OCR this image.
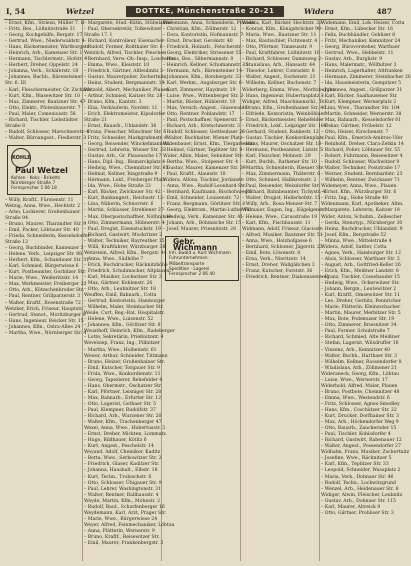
I, 54	Wetzel	DOTTKE, Münchenstraße 20-21	Widera	487
– Ernst, Kfm., Striesn, Müller 7. II
– Fritz, Bes., Lößnitzstraße 31
– Georg, Kochgehilfe, Bergstr. 17
– Gertrud, Wwe., Niederwaldstr. 4
– Hans, Bäckermeister, Wartburgstr.
– Heinrich, Arb., Kamenzer Str. 1
– Hermann, Tischlermstr., Hofstr. 9
– Herbert, Dreher, Oppelstr. 24
– Johanna, Verk., Schäferstr. 18
– Johannes, Buchh., Bärensteiner
Str. 6. III
– Karl, Fleischermeister, Gr. Zschach
– Kurt, Kfm., Blasewitzer Str. 10
– Max, Zimmerer, Bautzner Str. 47
– Otto, Elektr., Pfotenhauerstr. 7
– Paul, Maler, Comeniusstr. 58
– Richard, Tischler, Liebstädter
Straße 8
– Rudolf, Schlosser, Marschnerstr. 4
– Walter, Büroangest., Fiedlerstr. 3
KOHLEPaul Wetzel
Kohlen · Koks · Briketts
Nürnberger Straße 7
Fernsprecher 1 06 18
– Willy, Kraftf., Fürstenstr. 11
Wetzig, Anna, Wwe., Hechtstr. 2
– Arno, Lackierer, Großenhainer
Straße 94
– Bruno, Maurer, Tharandter Str. 9
– Emil, Packer, Löbtauer Str. 40
– Frieda, Schneiderin, Kesselsdorfer
Straße 12
– Georg, Buchbinder, Kamenzer 5
– Helene, Verk., Leipziger Str. 88
– Herbert, Kfm., Schandauer Str. 31
– Karl, Schmied, Bürgerwiese 6
– Kurt, Postbeamter, Gorbitzer Str.
– Marie, Wwe., Weißeritzstr. 14
– Max, Werkmeister, Freiberger 22
– Otto, Arb., Kötzschenbroder Str.
– Paul, Rentner, Grillparzerstr. 3
– Walter, Kraftf., Rosenstraße 72
Wetzker, Erich, Friseur, Hauptstr.
– Gertrud, Stenot., Moritzburger 9
– Hans, Ingenieur, Reicker Str. 15
– Johannes, Kfm., Ostra-Allee 24
– Martha, Wwe., Nürnberger Str. 4
– Margarete, Stud.-Rätin, Stübelallee
– Paul, Obersekretär, Tolkewitzer
Straße 17. I
– Richard, Kontrolleur, Eisenacher
– Rudolf, Former, Roßthaler Str. 6
Wetzlich, Alfred, Tischler, Pieschen
– Bernhard, Verw.-Ob.-Insp., Loschwitz
– Emma, Wwe., Kleiststr. 10
– Friedrich, Gärtner, Altleubnitz 3
– Gustav, Maurerpolier, Zschertnitz
– Heinz, Student, Bergmannstr. 19
Wetzold, Albert, Mechaniker, Plauen
– Arthur, Schmied, Kaitzer Str. 28
– Bruno, Kfm., Kantstr. 3
– Elsa, Verkäuferin, Nordstr. 11
– Erich, Elektromeister, Kipsdorfer
Straße 21
– Ernst, Bauarb., Uhlandstr. 36
– Franz, Fleischer, Münchner Str. 5
– Fritz, Schneider, Markgrafenstr. 8
– Georg, Reisender, Winckelmannstr.
– Gertrud, Lehrerin, Wiener Str. 23
– Gustav, Arb., Gr. Plauensche 17
– Hans, Dipl.-Ing., Bismarckplatz 4
– Hedwig, Wwe., Chemnitzer Str. 65
– Helmut, Kellner, Ringstraße 9
– Hermann, Lokf., Freiberger Platz
– Ida, Wwe., Hohe Straße 33
– Karl, Bäcker, Zwickauer Str. 42
– Kurt, Bankangest., Reichsstr. 12
– Lina, Näherin, Schnorrstr. 6
– Martin, Schlosser, Strehlener 27
– Max, Oberpostschaffner, Nöthnitzer
– Otto, Zimmermann, Hübnerstr. 4
– Paul, Drogist, Eisenstuckstr. 19
– Richard, Gastwirt, Mockritzer 2
– Walter, Techniker, Bayreuther 15
– Willi, Kraftfahrer, Würzburger 38
Wetzstein, Alfred, Kfm., Bergstr. 44
– Anna, Wwe., Südhöhe 7
– Erich, Buchdrucker, Räcknitzhöhe
– Friedrich, Schuhmacher, Altplauen
– Karl, Musiker, Lockwitzer Str. 3
– Max, Gärtner, Kohlenstr. 26
– Otto, Arb., Leubnitzer Str. 18
Weuffen, Emil, Bahnarb., Cotta
– Gertrud, Kontoristin, Hamburger
– Wilhelm, Maler, Steinbacher Str.
Weule, Curt, Reg.-Rat, Hospitalstr.
– Helene, Wwe., Luisenstr. 52
– Johannes, Kfm., Görlitzer Str. 8
Weusthoff, Heinrich, Kfm., Radeberger
– Lotte, Sekretärin, Prießnitzstr. 4
Wevelsiep, Franz, Ing., Pillnitzer
– Martha, Wwe., Holbeinstr. 61
Wewer, Arthur, Schneider, Tittmann
– Bruno, Heizer, Großenhainer Str.
– Emil, Kutscher, Torgauer Str. 9
– Frida, Wwe., Konkordienstr. 11
– Georg, Tapezierer, Rehefelder 4
– Hans, Obermstr., Oschatzer Str.
– Karl, Pförtner, Leisniger Str. 28
– Max, Bahnarb., Erfurter Str. 12
– Otto, Lagerist, Gothaer Str. 5
– Paul, Klempner, Rudolfstr. 37
– Richard, Arb., Wurzener Str. 20
– Walter, Kfm., Trachenberger 47
Wexel, Anna, Wwe., Hubertusstr. 3
– Ernst, Dreher, Mickten, Lommatz.
– Hugo, Bildhauer, Kötitz 6
– Kurt, Angest., Peschelstr. 14
Weyand, Adolf, Chemiker, Kaditz
– Berta, Wwe., Serkowitzer Str. 2
– Friedrich, Glaser, Kaditzer Str.
– Johanna, Haushalt., Elbstr. 18
– Kurt, Techn., Trobischstr. 6
– Otto, Schlosser, Übigauer Str. 9
– Paul, Lehrer, Washingtonstr. 31
– Walter, Rentner, Ballhausstr. 4
Weyde, Martin, Kfm., Mohnstr. 2
– Rudolf, Bauf., Scharfenberger 16
Weydemann, Karl, Arzt, Prager Str.
– Marie, Wwe., Bürgerwiese 24
Weyer, Alfred, Feinmechaniker, Löbtau
– Anna, Plätterin, Wernerstr. 9
– Bruno, Kraftf., Reisewitzer Str.
– Emil, Maurer, Frankenbergstr. 3
Widemann, Anna, Schneiderin, Pfotenh.
– Christian, Kfm., Zöllnerstr. 12
– Dora, Kontoristin, Hofmannstr. 7
– Ernst, Drucker, Gerokstr. 40
– Friedrich, Holzarb., Fetscherstr.
– Georg, Elektriker, Striesener 55
– Hans, Bes., Silbermannstr. 8
– Heinrich, Kellner, Schumannstr. 21
– Hermann, Arb., Bärensteiner 14
– Johannes, Kfm., Borsbergstr. 33
– Karl, Werkm., Augsburger Str. 6
– Kurt, Zimmerer, Haydnstr. 19
– Luise, Wwe., Wittenberger Str. 2
– Martin, Bäcker, Hüblerstr. 10
– Max, Versich.-Angest., Glasewaldt
– Otto, Rentner, Pohlandstr. 17
– Paul, Postschaffner, Spenerstr. 5
– Richard, Arb., Kretschmerstr. 3
– Rudolf, Schlosser, Gottleubaer 26
– Walter, Buchhalter, Wiener Platz
Widenbauer, Ernst, Kfm., Tiergartenstr.
– Helmut, Gärtner, Teplitzer Str. 9
Wider, Albin, Maler, Sebnitzer Str.
– Bertha, Wwe., Stolpener Str. 4
– Gustav, Maurer, Kamenzer Str. 29
– Paul, Kraftf., Alaunstr. 18
Widera, Alfons, Tischler, Jordanstr.
– Anna, Wwe., Rudolf-Leonhard-Str.
– Bernhard, Kaufmann, Bischofsweg 6
– Emil, Schneider, Louisenstr. 72
– Franz, Bergmann, Görlitzer Str. 3
– Georg, Elektrom., Martin-Luther-Pl.
– Hedwig, Verk., Kamenzer Str. 41
– Johann, Arb., Böhmische Str. 15
– Josef, Maurer, Priesnitzstr. 28
Gebr. Wichmann
Inh. Ewald u. Kurt Wichmann
Fuhrunternehmen · Möbeltransporte
Spedition · Lagerei
Fernsprecher 2 06 40
Widera, Karl, Bäcker, Hechtstr. 33
– Konrad, Kfm., Königsbrücker 90
– Maria, Wwe., Bautzner Str. 11
– Max, Bautischler, Fichtenstr. 4
– Otto, Pförtner, Timaeusstr. 9
– Paul, Kraftfahrer, Lößnitzstr. 16
– Richard, Schlosser, Dammweg 2
– Stanislaus, Arb., Hansastr. 44
– Theodor, Lehrer, Conradstr. 8
– Walter, Angest., Eschenstr. 21
– Wilhelm, Kellner, Buchenstr. 7
Widerberg, Emma, Wwe., Moritzburger
– Hans, Ingenieur, Hubertusplatz 3
Widiger, Alfred, Maschinenschl., Tr.
– Bruno, Kfm., Großenhainer Str. 40
– Elfriede, Kontoristin, Weinböhlaer
– Ernst, Bäckermeister, Rehefelder
– Friedrich, Lokf., Leipziger Str. 100
– Gerhard, Student, Rankestr. 12
– Gustav, Tischler, Konkordienplatz
– Hans, Maurer, Oschatzer Str. 18
– Hermann, Postbeamter, Liststr. 5
– Karl, Fleischer, Mohnstr. 29
– Kurt, Buchh., Rathener Str. 10
– Martha, Schneiderin, Riesaer Str.
– Max, Zimmermann, Thäterstr. 6
– Otto, Schmied, Halbkreisstr. 2
– Paul, Reisender, Weixdorfer Str.
– Richard, Bahnbeamter, Tichystr. 4
– Walter, Drogist, Hellerhofstr. 15
– Willy, Arb., Rosa-Menzer-Str. 7
Widmaier, Eugen, Ing., Kügelgenstr.
– Helene, Wwe., Carusstraße 19
– Karl, Kfm., Fischhausstr. 11
Widmann, Adolf, Friseur, Glacisstr.
– Alfred, Musiker, Bautzner Str. 51
– Anna, Wwe., Holzhofgasse 6
– Bernhard, Schlosser, Jägerstr. 23
– Emil, Bote, Löwenstr. 8
– Erna, Verk., Nieritzstr. 14
– Ernst, Dreher, Wallgäßchen 3
– Franz, Kutscher, Forststr. 36
– Friedrich, Rentner, Diakonissenweg
Widemann, Emil, Lok.-Heizer, Cotta
– Ernst, Kfm., Lübecker Str. 16
– Felix, Buchhändler, Gohliser 8
– Fritz, Mechaniker, Kemnitzer 24
– Georg, Bürovorsteher, Warthaer
– Gertrud, Wwe., Hebbelstr. 11
– Gustav, Arb., Burgkstr. 9
– Hans, Malermstr., Wölfnitzer 3
– Heinrich, Lagerhalter, Altfranken
– Hermann, Zimmerer, Steinbacher 20
– Ida, Hausmeisterin, Gompitzer 5
– Johannes, Angest., Grillparzer 31
– Karl, Bäcker, Saalhausener Str.
– Kurt, Klempner, Wernerplatz 2
– Lina, Wwe., Tharandter Str. 104
– Martin, Schneider, Wernerstr. 38
– Max, Bahnarb., Kesselsdorfer 61
– Oskar, Gärtner, Fröbelstr. 12
– Otto, Heizer, Kirschenstr. 7
– Paul, Kfm., Emerich-Ambros-Ufer
– Reinhold, Dreher, Clara-Zetkin 14
– Richard, Polier, Löbtauer Str. 55
– Robert, Fuhrmann, Reisewitzer 4
– Rudolf, Schlosser, Wachwitzer 9
– Walter, Techniker, Poststraße 17
– Werner, Student, Bernhardstr. 23
– Wilhelm, Rentner, Zwickauer 71
Widemeyer, Anna, Wwe., Plauen
– Ernst, Kfm., Würzburger Str. 6
– Fritz, Ing., Hohe Straße 40
Widenmann, Karl, Apotheker, Altm.
– Margarete, Lehrerin, Kaitzer 18
Wider, Anton, Schuhm., Zellescher
– Gerda, Stenotyp., Nürnberger 30
– Heinz, Buchdrucker, Uhlandstr. 9
– Josef, Kfm., Bergstraße 52
– Minna, Wwe., Mittelstraße 4
Widera, Adolf, Sattler, Cotta
– Agnes, Verk., Hamburger Str. 12
– Alois, Schlosser, Warthaer Str. 3
– August, Arb., Gottfried-Keller 26
– Erich, Kfm., Meißner Landstr. 8
– Franz, Tischler, Cossebauder 15
– Hedwig, Wwe., Ockerwitzer Str.
– Johann, Bergm., Leutewitzer 2
– Karl, Kraftf., Omsewitzer Str. 11
– Leo, Dreher, Gorbitz, Pennricher
– Marie, Plätterin, Kleinzschacher
– Martin, Maurer, Merbitzer Str. 5
– Max, Bote, Podemuser Str. 19
– Otto, Zimmerer, Briesnitzer 34
– Paul, Former, Schulstraße 7
– Richard, Schmied, Alte Meißner
– Stefan, Lagerist, Wilsdruffer 16
– Vinzenz, Arb., Kemnitzer 40
– Walter, Buchh., Harthaer Str. 3
– Wilhelm, Kellner, Rossendorfer 8
– Wladislaus, Arb., Zöllmener 21
Wideraneck, Georg, Kfm., Löbtau
– Luise, Wwe., Wernerstr. 17
Widerhold, Alfred, Maler, Plauen
– Bruno, Postbote, Chemnitzer 48
– Emma, Wwe., Westendstr. 6
– Fritz, Schlosser, Agnes-Smedley
– Hans, Kfm., Coschützer Str. 22
– Kurt, Drucker, Dorfhainer Str. 3
– Max, Arb., Höckendorfer Weg 9
– Otto, Bauarb., Zauckeroder 15
– Paul, Tischler, Kohlsdorfer 4
– Richard, Gastwirt, Rabenauer 12
– Walter, Angest., Possendorfer 27
Widhalm, Franz, Musiker, Zschertnitz
– Josefine, Wwe., Räcknitzer 5
– Karl, Kfm., Teplitzer Str. 33
– Leopold, Schneider, Wasaplatz 2
– Maria, Verk., Dohnaer Str. 46
– Rudolf, Techn., Lockwitzgrund
– Wenzel, Arb., Heidenauer Str. 8
Widiger, Alwin, Fleischer, Leubnitz
– Gustav, Arb., Dohnaer Str. 115
– Karl, Maurer, Altreick 9
– Otto, Gärtner, Prohliser Str. 3
